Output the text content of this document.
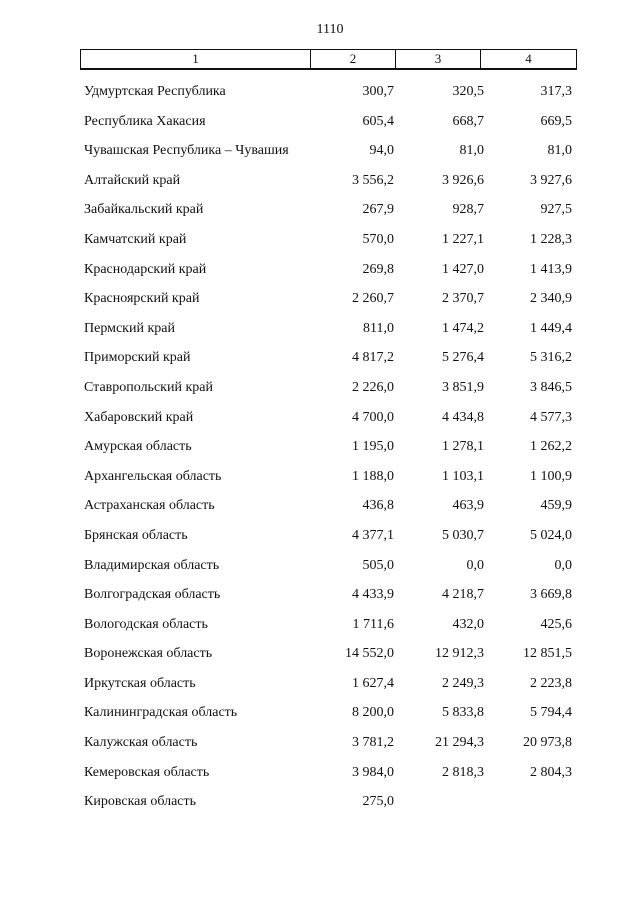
1110
1	2	3	4
Удмуртская Республика	300,7	320,5	317,3
Республика Хакасия	605,4	668,7	669,5
Чувашская Республика – Чувашия	94,0	81,0	81,0
Алтайский край	3 556,2	3 926,6	3 927,6
Забайкальский край	267,9	928,7	927,5
Камчатский край	570,0	1 227,1	1 228,3
Краснодарский край	269,8	1 427,0	1 413,9
Красноярский край	2 260,7	2 370,7	2 340,9
Пермский край	811,0	1 474,2	1 449,4
Приморский край	4 817,2	5 276,4	5 316,2
Ставропольский край	2 226,0	3 851,9	3 846,5
Хабаровский край	4 700,0	4 434,8	4 577,3
Амурская область	1 195,0	1 278,1	1 262,2
Архангельская область	1 188,0	1 103,1	1 100,9
Астраханская область	436,8	463,9	459,9
Брянская область	4 377,1	5 030,7	5 024,0
Владимирская область	505,0	0,0	0,0
Волгоградская область	4 433,9	4 218,7	3 669,8
Вологодская область	1 711,6	432,0	425,6
Воронежская область	14 552,0	12 912,3	12 851,5
Иркутская область	1 627,4	2 249,3	2 223,8
Калининградская область	8 200,0	5 833,8	5 794,4
Калужская область	3 781,2	21 294,3	20 973,8
Кемеровская область	3 984,0	2 818,3	2 804,3
Кировская область	275,0
